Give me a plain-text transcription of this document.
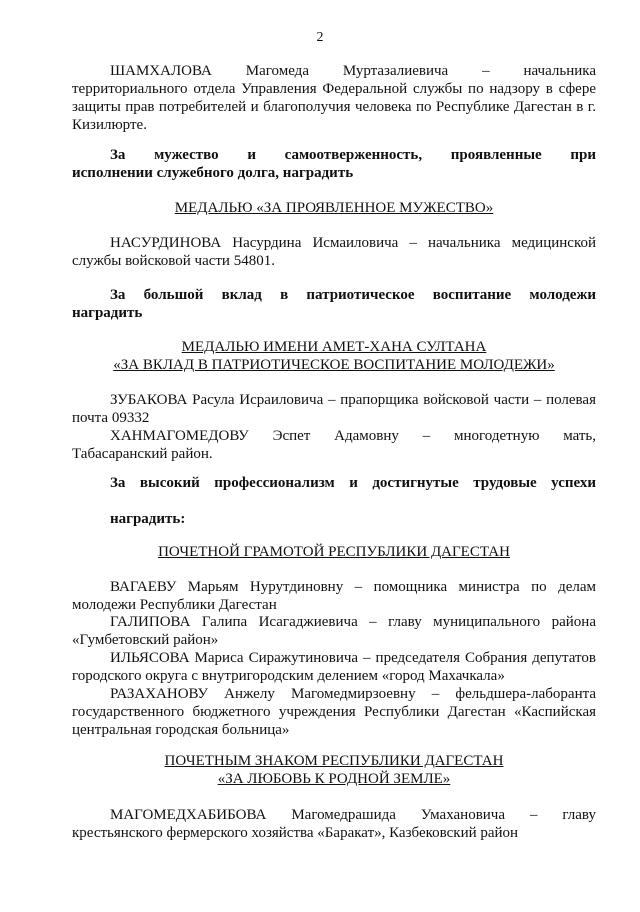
2

ШАМХАЛОВА Магомеда Муртазалиевича – начальника

территориального отдела Управления Федеральной службы по надзору в сфере защиты прав потребителей и благополучия человека по Республике Дагестан в г. Кизилюрте.

За мужество и самоотверженность, проявленные при

исполнении служебного долга, наградить

МЕДАЛЬЮ «ЗА ПРОЯВЛЕННОЕ МУЖЕСТВО»

НАСУРДИНОВА Насурдина Исмаиловича – начальника медицинской службы войсковой части 54801.

За большой вклад в патриотическое воспитание молодежи

наградить

МЕДАЛЬЮ ИМЕНИ АМЕТ-ХАНА СУЛТАНА

«ЗА ВКЛАД В ПАТРИОТИЧЕСКОЕ ВОСПИТАНИЕ МОЛОДЕЖИ»

ЗУБАКОВА Расула Исраиловича – прапорщика войсковой части – полевая почта 09332

ХАНМАГОМЕДОВУ Эспет Адамовну – многодетную мать,

Табасаранский район.

За высокий профессионализм и достигнутые трудовые успехи

наградить:

ПОЧЕТНОЙ ГРАМОТОЙ РЕСПУБЛИКИ ДАГЕСТАН

ВАГАЕВУ Марьям Нурутдиновну – помощника министра по делам молодежи Республики Дагестан

ГАЛИПОВА Галипа Исагаджиевича – главу муниципального района «Гумбетовский район»

ИЛЬЯСОВА Мариса Сиражутиновича – председателя Собрания депутатов городского округа с внутригородским делением «город Махачкала»

РАЗАХАНОВУ Анжелу Магомедмирзоевну – фельдшера-лаборанта государственного бюджетного учреждения Республики Дагестан «Каспийская центральная городская больница»

ПОЧЕТНЫМ ЗНАКОМ РЕСПУБЛИКИ ДАГЕСТАН

«ЗА ЛЮБОВЬ К РОДНОЙ ЗЕМЛЕ»

МАГОМЕДХАБИБОВА Магомедрашида Умахановича – главу крестьянского фермерского хозяйства «Баракат», Казбековский район
